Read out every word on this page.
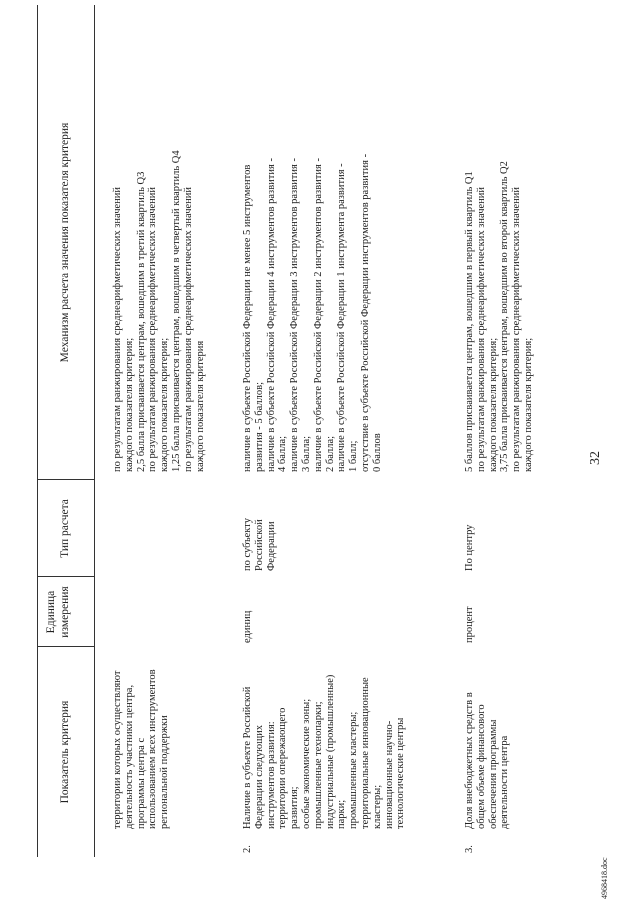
32
Показатель критерия
Единица измерения
Тип расчета
Механизм расчета значения показателя критерия
территории которых осуществляют деятельность участники центра, программы центра с использованием всех инструментов региональной поддержки
по результатам ранжирования среднеарифметических значений каждого показателя критерия; 2,5 балла присваивается центрам, вошедшим в третий квартиль Q3 по результатам ранжирования среднеарифметических значений каждого показателя критерия; 1,25 балла присваивается центрам, вошедшим в четвертый квартиль Q4 по результатам ранжирования среднеарифметических значений каждого показателя критерия
2.
Наличие в субъекте Российской Федерации следующих инструментов развития: территории опережающего развития; особые экономические зоны; промышленные технопарки; индустриальные (промышленные) парки; промышленные кластеры; территориальные инновационные кластеры; инновационные научно- технологические центры
единиц
по субъекту Российской Федерации
наличие в субъекте Российской Федерации не менее 5 инструментов развития - 5 баллов; наличие в субъекте Российской Федерации 4 инструментов развития - 4 балла; наличие в субъекте Российской Федерации 3 инструментов развития - 3 балла; наличие в субъекте Российской Федерации 2 инструментов развития - 2 балла; наличие в субъекте Российской Федерации 1 инструмента развития - 1 балл; отсутствие в субъекте Российской Федерации инструментов развития - 0 баллов
3.
Доля внебюджетных средств в общем объеме финансового обеспечения программы деятельности центра
процент
По центру
5 баллов присваивается центрам, вошедшим в первый квартиль Q1 по результатам ранжирования среднеарифметических значений каждого показателя критерия; 3,75 балла присваивается центрам, вошедшим во второй квартиль Q2 по результатам ранжирования среднеарифметических значений каждого показателя критерия;
4968418.doc
